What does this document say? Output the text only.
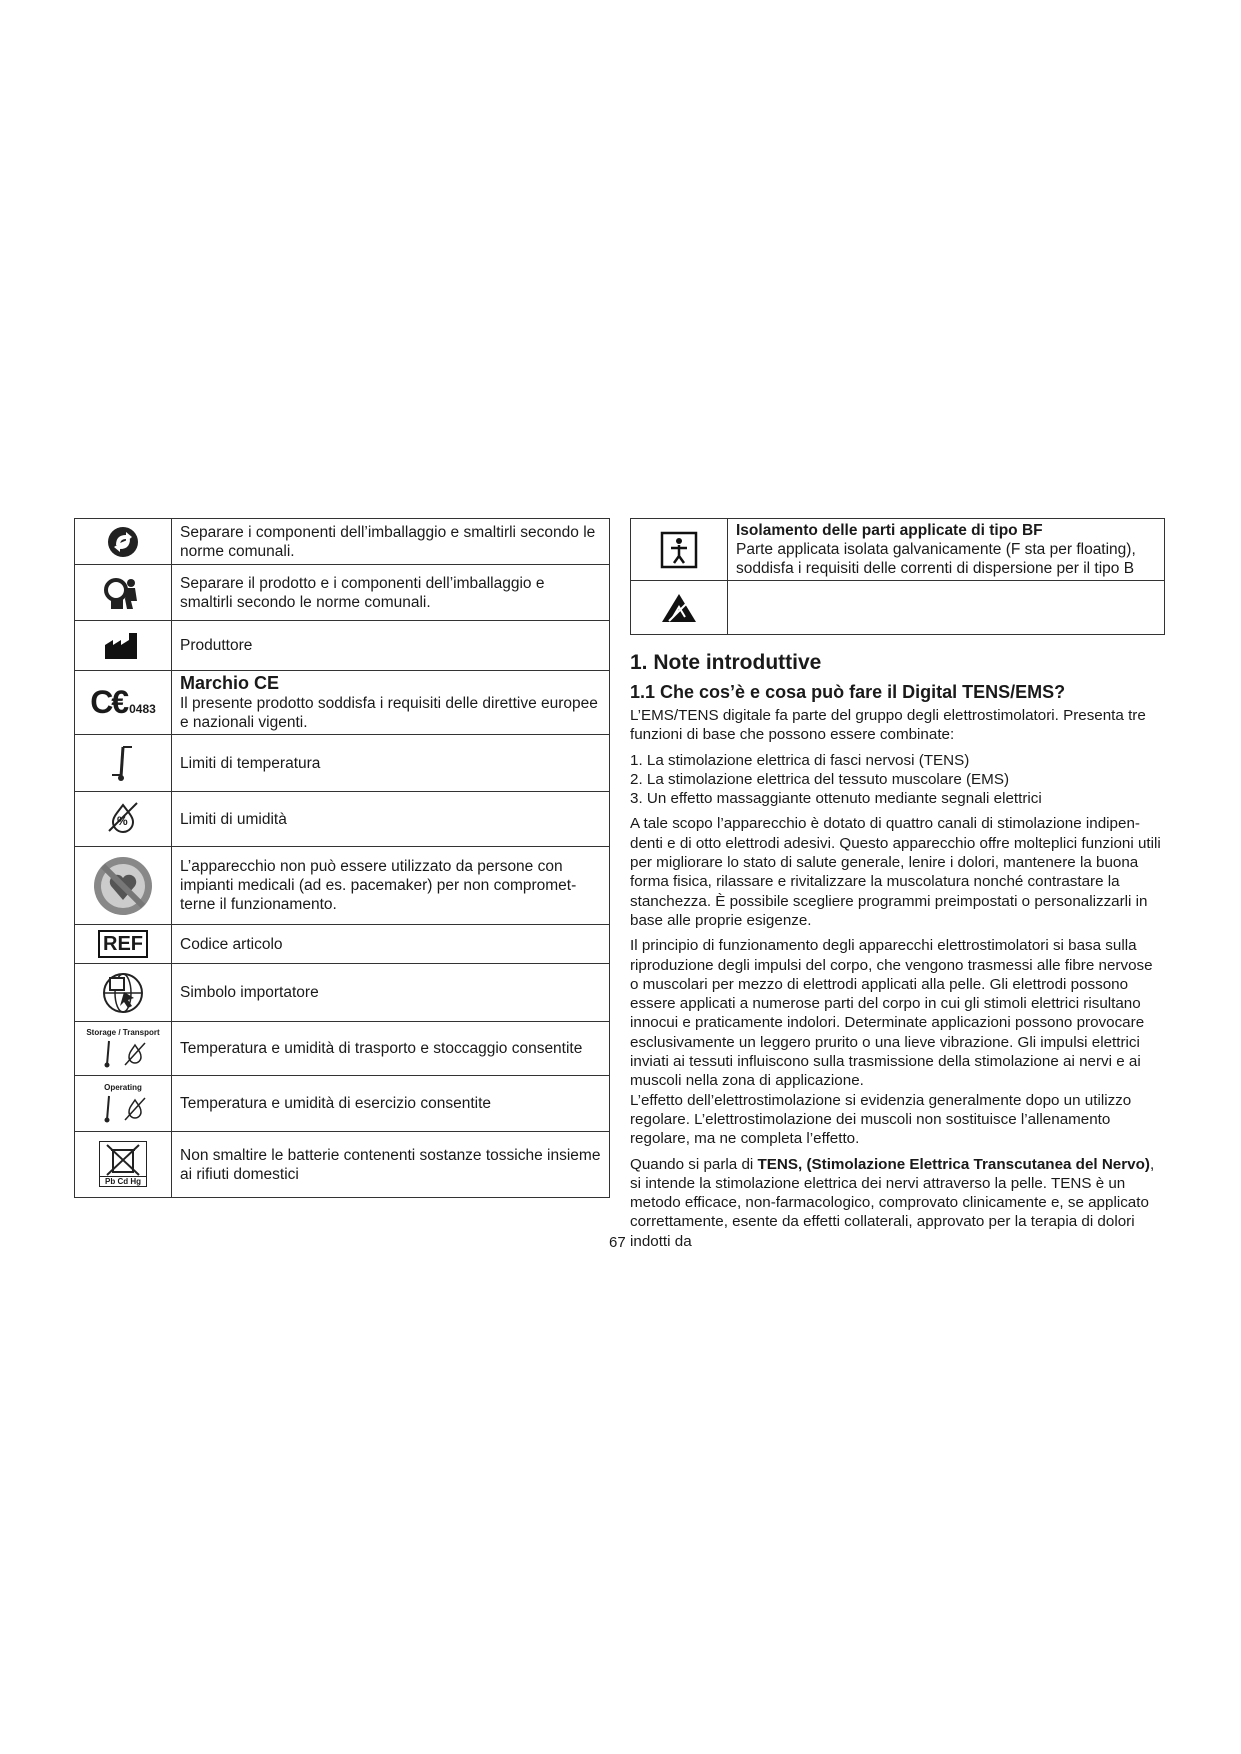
	Separare i componenti dell’imballaggio e smaltirli secondo le norme comunali.
	Separare il prodotto e i componenti dell’imballaggio e smaltirli secondo le norme comunali.
	Produttore
C€ 0483	Marchio CE
Il presente prodotto soddisfa i requisiti delle direttive europee e nazionali vigenti.

	Limiti di temperatura

%	Limiti di umidità
	L’apparecchio non può essere utilizzato da persone con impianti medicali (ad es. pacemaker) per non comprometterne il funzionamento.
REF	Codice articolo
	Simbolo importatore

Storage / Transport	Temperatura e umidità di trasporto e stoccaggio consentite

Operating	Temperatura e umidità di esercizio consentite

Pb Cd Hg	Non smaltire le batterie contenenti sostanze tossiche insieme ai rifiuti domestici

Isolamento delle parti applicate di tipo BF
Parte applicata isolata galvanicamente (F sta per floating), soddisfa i requisiti delle correnti di dispersione per il tipo B

1. Note introduttive
1.1 Che cos’è e cosa può fare il Digital TENS/EMS?

L’EMS/TENS digitale fa parte del gruppo degli elettrostimolatori. Presenta tre funzioni di base che possono essere combinate:

1. La stimolazione elettrica di fasci nervosi (TENS)
2. La stimolazione elettrica del tessuto muscolare (EMS)
3. Un effetto massaggiante ottenuto mediante segnali elettrici

A tale scopo l’apparecchio è dotato di quattro canali di stimolazione indipendenti e di otto elettrodi adesivi. Questo apparecchio offre molteplici funzioni utili per migliorare lo stato di salute generale, lenire i dolori, mantenere la buona forma fisica, rilassare e rivitalizzare la muscolatura nonché contrastare la stanchezza. È possibile scegliere programmi preimpostati o personalizzarli in base alle proprie esigenze.

Il principio di funzionamento degli apparecchi elettrostimolatori si basa sulla riproduzione degli impulsi del corpo, che vengono trasmessi alle fibre nervose o muscolari per mezzo di elettrodi applicati alla pelle. Gli elettrodi possono essere applicati a numerose parti del corpo in cui gli stimoli elettrici risultano innocui e praticamente indolori. Determinate applicazioni possono provocare esclusivamente un leggero prurito o una lieve vibrazione. Gli impulsi elettrici inviati ai tessuti influiscono sulla trasmissione della stimolazione ai nervi e ai muscoli nella zona di applicazione.

L’effetto dell’elettrostimolazione si evidenzia generalmente dopo un utilizzo regolare. L’elettrostimolazione dei muscoli non sostituisce l’allenamento regolare, ma ne completa l’effetto.

Quando si parla di TENS, (Stimolazione Elettrica Transcutanea del Nervo), si intende la stimolazione elettrica dei nervi attraverso la pelle. TENS è un metodo efficace, non-farmacologico, comprovato clinicamente e, se applicato correttamente, esente da effetti collaterali, approvato per la terapia di dolori indotti da

67
